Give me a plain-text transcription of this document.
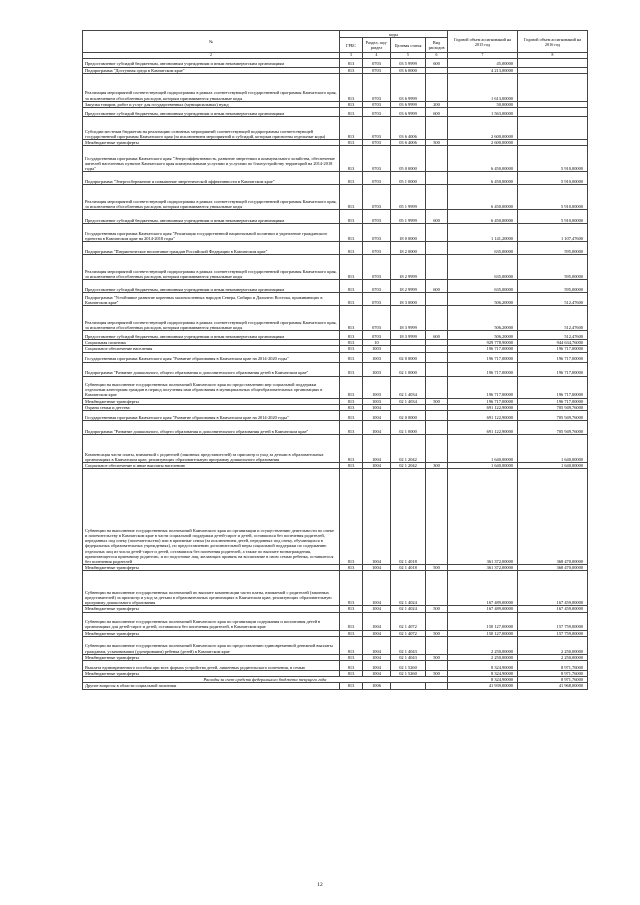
№	коды				Годовой объем ассигнований на 2015 год	Годовой объем ассигнований на 2016 год
	ГРБС	Раздел, под-раздел	Целевая статья	Вид расходов		
2	3	4	5	6	7	8
Предоставление субсидий бюджетным, автономным учреждениям и иным некоммерческим организациям	813	0703	03 5 9999	600	45,00000	
Подпрограмма "Доступная среда в Камчатском крае"	813	0703	03 6 0000		4 213,00000	
Реализация мероприятий соответствующей подпрограммы в рамках соответствующей государственной программы Камчатского края, за исключением обособленных расходов, которым присваиваются уникальные коды	813	0703	03 6 9999		1 613,00000	
Закупка товаров, работ и услуг для государственных (муниципальных) нужд	813	0703	03 6 9999	200	50,00000	
Предоставление субсидий бюджетным, автономным учреждениям и иным некоммерческим организациям	813	0703	03 6 9999	600	1 563,00000	
Субсидии местным бюджетам на реализацию основных мероприятий соответствующей подпрограммы соответствующей государственной программы Камчатского края (за исключением мероприятий и субсидий, которым присвоены отдельные коды)	813	0703	03 6 4006		2 600,00000	
Межбюджетные трансферты	813	0703	03 6 4006	500	2 600,00000	
Государственная программа Камчатского края "Энергоэффективность, развитие энергетики и коммунального хозяйства, обеспечение жителей населенных пунктов Камчатского края коммунальными услугами и услугами по благоустройству территорий на 2014-2018 годы"	813	0703	05 0 0000		6 450,00000	5 910,00000
Подпрограмма "Энергосбережение и повышение энергетической эффективности в Камчатском крае"	813	0703	05 1 0000		6 450,00000	5 910,00000
Реализация мероприятий соответствующей подпрограммы в рамках соответствующей государственной программы Камчатского края, за исключением обособленных расходов, которым присваиваются уникальные коды	813	0703	05 1 9999		6 450,00000	5 910,00000
Предоставление субсидий бюджетным, автономным учреждениям и иным некоммерческим организациям	813	0703	05 1 9999	600	6 450,00000	5 910,00000
Государственная программа Камчатского края "Реализация государственной национальной политики и укрепление гражданского единства в Камчатском крае на 2014-2018 годы"	813	0703	18 0 0000		1 141,20000	1 107,47600
Подпрограмма "Патриотическое воспитание граждан Российской Федерации в Камчатском крае"	813	0703	18 2 0000		635,00000	595,00000
Реализация мероприятий соответствующей подпрограммы в рамках соответствующей государственной программы Камчатского края, за исключением обособленных расходов, которым присваиваются уникальные коды	813	0703	18 2 9999		635,00000	595,00000
Предоставление субсидий бюджетным, автономным учреждениям и иным некоммерческим организациям	813	0703	18 2 9999	600	635,00000	595,00000
Подпрограмма "Устойчивое развитие коренных малочисленных народов Севера, Сибири и Дальнего Востока, проживающих в Камчатском крае"	813	0703	18 3 0000		506,20000	512,47600
Реализация мероприятий соответствующей подпрограммы в рамках соответствующей государственной программы Камчатского края, за исключением обособленных расходов, которым присваиваются уникальные коды	813	0703	18 3 9999		506,20000	512,47600
Предоставление субсидий бюджетным, автономным учреждениям и иным некоммерческим организациям	813	0703	18 3 9999	600	506,20000	512,47600
Социальная политика	813	10			929 778,90000	944 634,76000
Социальное обеспечение населения	813	1003			196 717,00000	196 717,00000
Государственная программа Камчатского края "Развитие образования в Камчатском крае на 2014-2020 годы"	813	1003	02 0 0000		196 717,00000	196 717,00000
Подпрограмма "Развитие дошкольного, общего образования и дополнительного образования детей в Камчатском крае"	813	1003	02 1 0000		196 717,00000	196 717,00000
Субвенции на выполнение государственных полномочий Камчатского края по предоставлению мер социальной поддержки отдельным категориям граждан в период получения ими образования в муниципальных общеобразовательных организациях в Камчатском крае	813	1003	02 1 4034		196 717,00000	196 717,00000
Межбюджетные трансферты	813	1003	02 1 4034	500	196 717,00000	196 717,00000
Охрана семьи и детства	813	1004			691 122,90000	705 949,76000
Государственная программа Камчатского края "Развитие образования в Камчатском крае на 2014-2020 годы"	813	1004	02 0 0000		691 122,90000	705 949,76000
Подпрограмма "Развитие дошкольного, общего образования и дополнительного образования детей в Камчатском крае"	813	1004	02 1 0000		691 122,90000	705 949,76000
Компенсация части платы, взимаемой с родителей (законных представителей) за присмотр и уход за детьми в образовательных организациях в Камчатском крае, реализующих образовательную программу дошкольного образования	813	1004	02 1 2042		1 640,00000	1 640,00000
Социальное обеспечение и иные выплаты населению	813	1004	02 1 2042	300	1 640,00000	1 640,00000
Субвенции на выполнение государственных полномочий Камчатского края по организации и осуществлению деятельности по опеке и попечительству в Камчатском крае в части социальной поддержки детей-сирот и детей, оставшихся без попечения родителей, переданных под опеку (попечительство) или в приемные семьи (за исключением детей, переданных под опеку, обучающихся в федеральных образовательных учреждениях), по предоставлению дополнительной меры социальной поддержки по содержанию отдельных лиц из числа детей-сирот и детей, оставшихся без попечения родителей, а также по выплате вознаграждения, причитающегося приемному родителю, и по подготовке лиц, желающих принять на воспитание в свою семью ребенка, оставшегося без попечения родителей	813	1004	02 1 4018		361 372,00000	368 470,00000
Межбюджетные трансферты	813	1004	02 1 4018	500	361 372,00000	368 470,00000
Субвенции на выполнение государственных полномочий по выплате компенсации части платы, взимаемой с родителей (законных представителей) за присмотр и уход за детьми в образовательных организациях в Камчатском крае, реализующих образовательную программу дошкольного образования	813	1004	02 1 4024		167 489,00000	167 459,00000
Межбюджетные трансферты	813	1004	02 1 4024	500	167 489,00000	167 459,00000
Субвенции на выполнение государственных полномочий Камчатского края по организации содержания и воспитания детей в организациях для детей-сирот и детей, оставшихся без попечения родителей, в Камчатском крае	813	1004	02 1 4072		150 127,00000	157 759,00000
Межбюджетные трансферты	813	1004	02 1 4072	500	150 127,00000	157 759,00000
Субвенции на выполнение государственных полномочий Камчатского края по предоставлению единовременной денежной выплаты гражданам, усыновившим (удочерившим) ребенка (детей) в Камчатском крае	813	1004	02 1 4043		2 250,00000	2 250,00000
Межбюджетные трансферты	813	1004	02 1 4043	500	2 250,00000	2 250,00000
Выплата единовременного пособия при всех формах устройства детей, лишенных родительского попечения, в семью	813	1004	02 1 5260		8 324,90000	8 971,76000
Межбюджетные трансферты	813	1004	02 1 5260	500	8 324,90000	8 971,76000
Расходы за счет средств федерального бюджета текущего года					8 324,90000	8 971,76000
Другие вопросы в области социальной политики	813	1006			41 939,00000	41 968,00000
12
